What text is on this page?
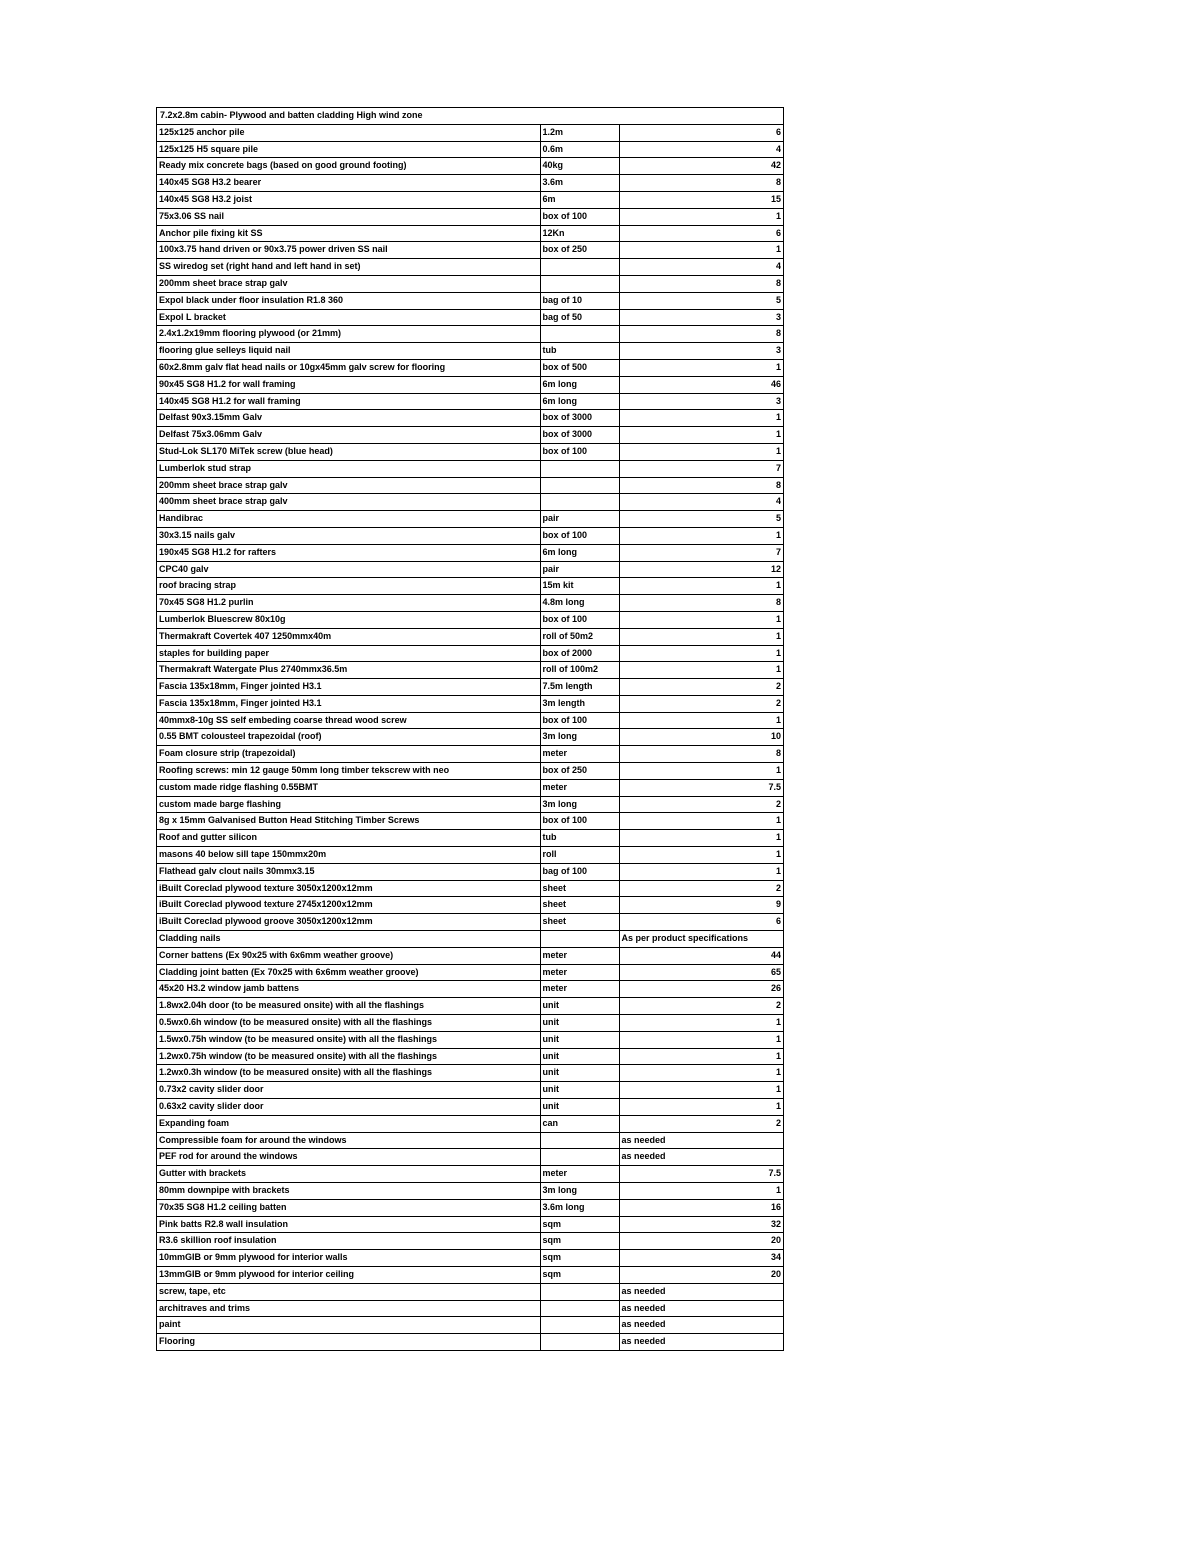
7.2x2.8m cabin- Plywood and batten cladding High wind zone
125x125 anchor pile	1.2m	6
125x125 H5 square pile	0.6m	4
Ready mix concrete bags (based on good ground footing)	40kg	42
140x45 SG8 H3.2 bearer	3.6m	8
140x45 SG8 H3.2 joist	6m	15
75x3.06 SS nail	box of 100	1
Anchor pile fixing kit SS	12Kn	6
100x3.75 hand driven or 90x3.75 power driven SS nail	box of 250	1
SS wiredog set (right hand and left hand in set)		4
200mm sheet brace strap galv		8
Expol black under floor insulation R1.8 360	bag of 10	5
Expol L bracket	bag of 50	3
2.4x1.2x19mm flooring plywood (or 21mm)		8
flooring glue selleys liquid nail	tub	3
60x2.8mm galv flat head nails or 10gx45mm galv screw for flooring	box of 500	1
90x45 SG8 H1.2 for wall framing	6m long	46
140x45 SG8 H1.2 for wall framing	6m long	3
Delfast 90x3.15mm Galv	box of 3000	1
Delfast 75x3.06mm Galv	box of 3000	1
Stud-Lok SL170 MiTek screw (blue head)	box of 100	1
Lumberlok stud strap		7
200mm sheet brace strap galv		8
400mm sheet brace strap galv		4
Handibrac	pair	5
30x3.15 nails galv	box of 100	1
190x45 SG8 H1.2 for rafters	6m long	7
CPC40 galv	pair	12
roof bracing strap	15m kit	1
70x45 SG8 H1.2 purlin	4.8m long	8
Lumberlok Bluescrew 80x10g	box of 100	1
Thermakraft Covertek 407 1250mmx40m	roll of 50m2	1
staples for building paper	box of 2000	1
Thermakraft Watergate Plus 2740mmx36.5m	roll of 100m2	1
Fascia 135x18mm, Finger jointed H3.1	7.5m length	2
Fascia 135x18mm, Finger jointed H3.1	3m length	2
40mmx8-10g SS self embeding coarse thread wood screw	box of 100	1
0.55 BMT colousteel trapezoidal (roof)	3m long	10
Foam closure strip (trapezoidal)	meter	8
Roofing screws: min 12 gauge 50mm long timber tekscrew with neo	box of 250	1
custom made ridge flashing 0.55BMT	meter	7.5
custom made barge flashing	3m long	2
8g x 15mm Galvanised Button Head Stitching Timber Screws	box of 100	1
Roof and gutter silicon	tub	1
masons 40 below sill tape 150mmx20m	roll	1
Flathead galv clout nails 30mmx3.15	bag of 100	1
iBuilt Coreclad plywood texture 3050x1200x12mm	sheet	2
iBuilt Coreclad plywood texture 2745x1200x12mm	sheet	9
iBuilt Coreclad plywood groove 3050x1200x12mm	sheet	6
Cladding nails		As per product specifications
Corner battens (Ex 90x25 with 6x6mm weather groove)	meter	44
Cladding joint batten (Ex 70x25 with 6x6mm weather groove)	meter	65
45x20 H3.2 window jamb battens	meter	26
1.8wx2.04h door (to be measured onsite) with all the flashings	unit	2
0.5wx0.6h window (to be measured onsite) with all the flashings	unit	1
1.5wx0.75h window (to be measured onsite) with all the flashings	unit	1
1.2wx0.75h window (to be measured onsite) with all the flashings	unit	1
1.2wx0.3h window (to be measured onsite) with all the flashings	unit	1
0.73x2 cavity slider door	unit	1
0.63x2 cavity slider door	unit	1
Expanding foam	can	2
Compressible foam for around the windows		as needed
PEF rod for around the windows		as needed
Gutter with brackets	meter	7.5
80mm downpipe with brackets	3m long	1
70x35 SG8 H1.2 ceiling batten	3.6m long	16
Pink batts R2.8 wall insulation	sqm	32
R3.6 skillion roof insulation	sqm	20
10mmGIB or 9mm plywood for interior walls	sqm	34
13mmGIB or 9mm plywood for interior ceiling	sqm	20
screw, tape, etc		as needed
architraves and trims		as needed
paint		as needed
Flooring		as needed
